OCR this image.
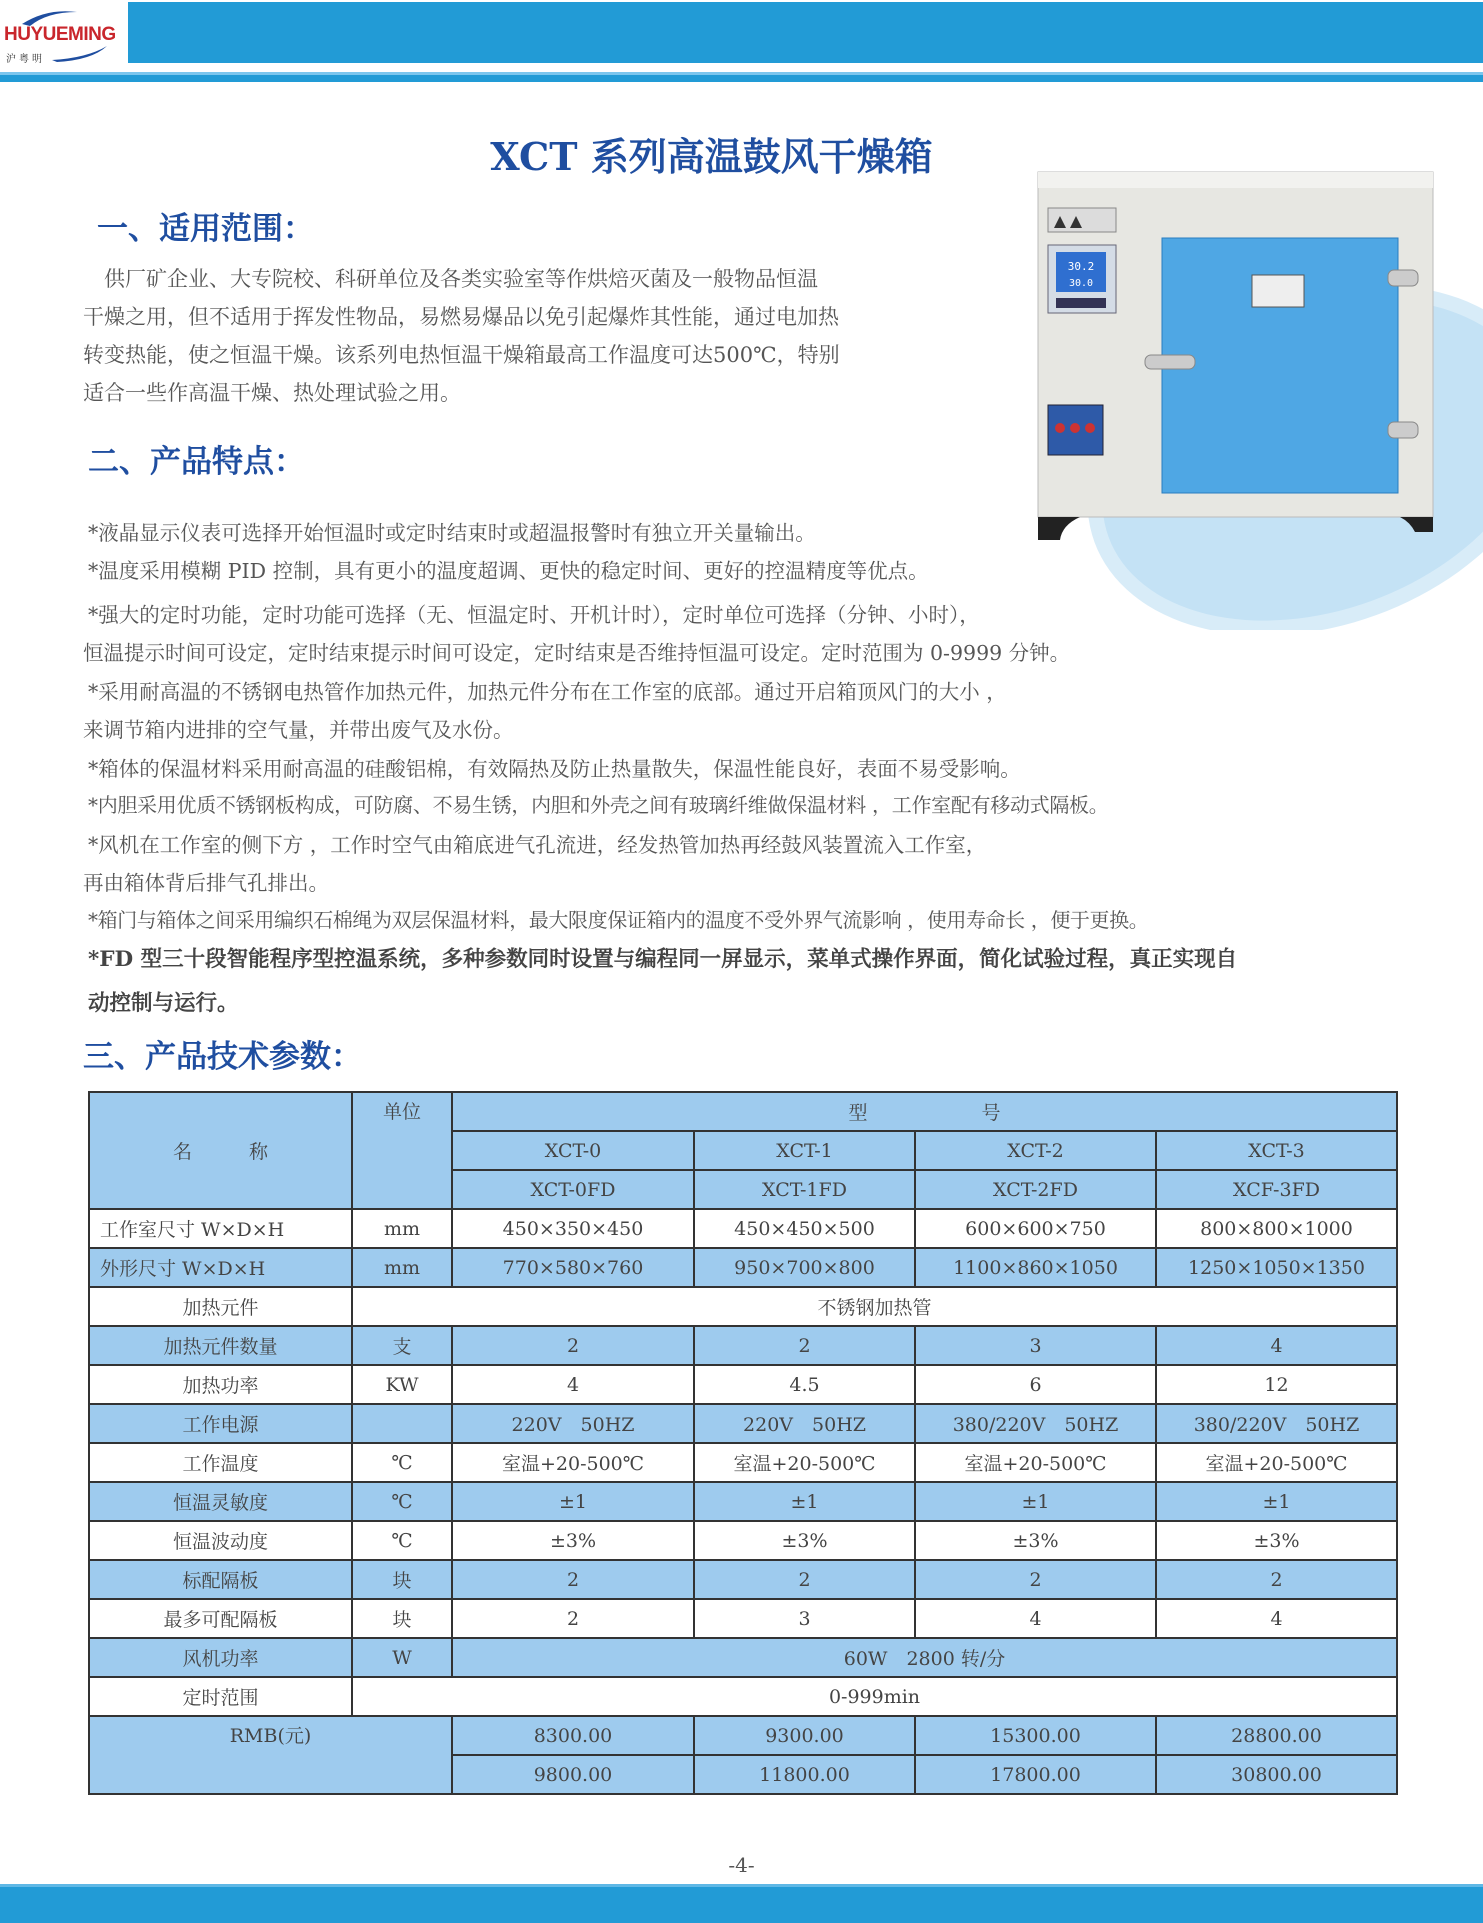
HUYUEMING
沪粤明
XCT 系列高温鼓风干燥箱
30.2
30.0
一、适用范围：
　供厂矿企业、大专院校、科研单位及各类实验室等作烘焙灭菌及一般物品恒温
干燥之用，但不适用于挥发性物品，易燃易爆品以免引起爆炸其性能，通过电加热
转变热能，使之恒温干燥。该系列电热恒温干燥箱最高工作温度可达500℃，特别
适合一些作高温干燥、热处理试验之用。
二、产品特点：
*液晶显示仪表可选择开始恒温时或定时结束时或超温报警时有独立开关量输出。
*温度采用模糊 PID 控制，具有更小的温度超调、更快的稳定时间、更好的控温精度等优点。
*强大的定时功能，定时功能可选择（无、恒温定时、开机计时），定时单位可选择（分钟、小时），
恒温提示时间可设定，定时结束提示时间可设定，定时结束是否维持恒温可设定。定时范围为 0-9999 分钟。
*采用耐高温的不锈钢电热管作加热元件，加热元件分布在工作室的底部。通过开启箱顶风门的大小 ，
来调节箱内进排的空气量，并带出废气及水份。
*箱体的保温材料采用耐高温的硅酸铝棉，有效隔热及防止热量散失，保温性能良好，表面不易受影响。
*内胆采用优质不锈钢板构成，可防腐、不易生锈，内胆和外壳之间有玻璃纤维做保温材料 ，工作室配有移动式隔板。
*风机在工作室的侧下方 ，工作时空气由箱底进气孔流进，经发热管加热再经鼓风装置流入工作室，
再由箱体背后排气孔排出。
*箱门与箱体之间采用编织石棉绳为双层保温材料，最大限度保证箱内的温度不受外界气流影响 ，使用寿命长 ，便于更换。
*FD 型三十段智能程序型控温系统，多种参数同时设置与编程同一屏显示，菜单式操作界面，简化试验过程，真正实现自
动控制与运行。
三、产品技术参数：
名　　　称	单位	型　　　　　　号			
		XCT-0	XCT-1	XCT-2	XCT-3
		XCT-0FD	XCT-1FD	XCT-2FD	XCF-3FD
工作室尺寸 W×D×H	mm	450×350×450	450×450×500	600×600×750	800×800×1000
外形尺寸 W×D×H	mm	770×580×760	950×700×800	1100×860×1050	1250×1050×1350
加热元件	不锈钢加热管				
加热元件数量	支	2	2	3	4
加热功率	KW	4	4.5	6	12
工作电源		220V　50HZ	220V　50HZ	380/220V　50HZ	380/220V　50HZ
工作温度	℃	室温+20-500℃	室温+20-500℃	室温+20-500℃	室温+20-500℃
恒温灵敏度	℃	±1	±1	±1	±1
恒温波动度	℃	±3%	±3%	±3%	±3%
标配隔板	块	2	2	2	2
最多可配隔板	块	2	3	4	4
风机功率	W	60W　2800 转/分			
定时范围	0-999min				
RMB(元)		8300.00	9300.00	15300.00	28800.00
		9800.00	11800.00	17800.00	30800.00
-4-
